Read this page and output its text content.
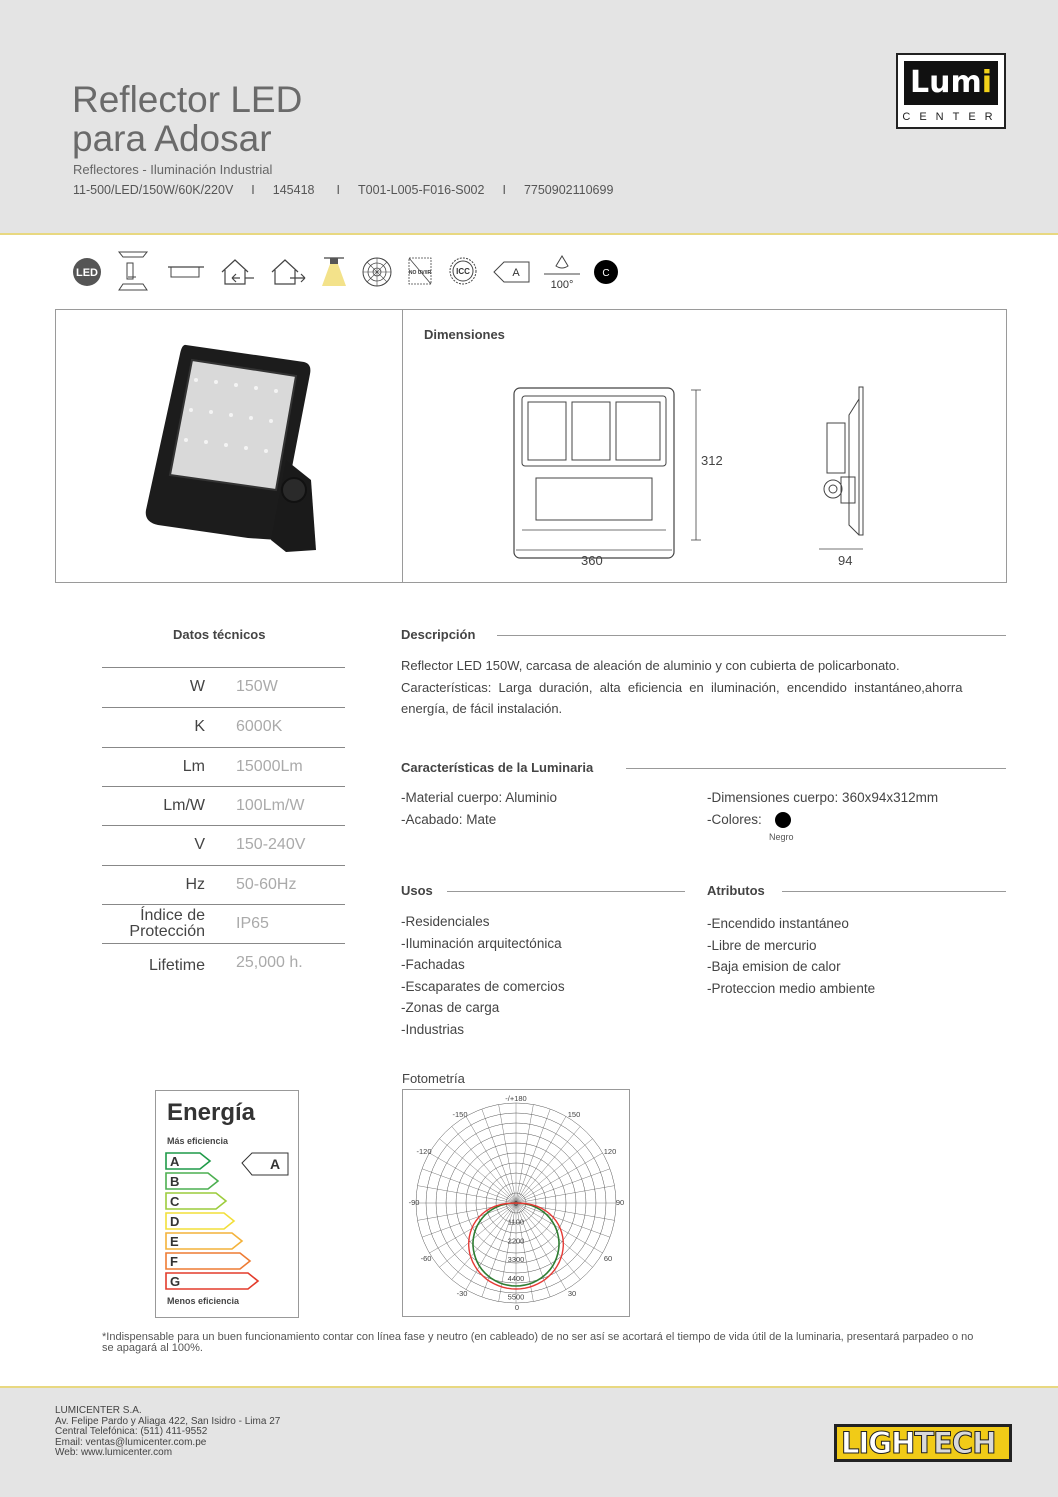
Reflector LED
para Adosar
Reflectores - Iluminación Industrial
11-500/LED/150W/60K/220V I 145418 I T001-L005-F016-S002 I 7750902110699
Lumi
CENTER
LED	NO UV/IR	ICC	A
100°
C
Dimensiones
312
360	94
Datos técnicos
W 150W
K 6000K
Lm 15000Lm
Lm/W 100Lm/W
V 150-240V
Hz 50-60Hz
Índice de
Protección IP65
Lifetime 25,000 h.
Descripción
Reflector LED 150W, carcasa de aleación de aluminio y con cubierta de policarbonato.
Características:  Larga  duración,  alta  eficiencia  en  iluminación,  encendido  instantáneo,ahorra
energía, de fácil instalación.
Características de la Luminaria
-Material cuerpo: Aluminio
-Acabado: Mate
-Dimensiones cuerpo: 360x94x312mm
-Colores:
Negro
Usos
-Residenciales
-Iluminación arquitectónica
-Fachadas
-Escaparates de comercios
-Zonas de carga
-Industrias
Atributos
-Encendido instantáneo
-Libre de mercurio
-Baja emision de calor
-Proteccion medio ambiente
Energía
Más eficiencia
A
B
C
D
E
F
G
A
Menos eficiencia
Fotometría
-/+180
-150	150
-120	120
-90	90
-60	60
-30	30
0
0
1100
2200
3300
4400
5500
*Indispensable para un buen funcionamiento contar con línea fase y neutro (en cableado) de no ser así se acortará el tiempo de vida útil de la luminaria, presentará parpadeo o no se apagará al 100%.
LUMICENTER S.A.
Av. Felipe Pardo y Aliaga 422, San Isidro - Lima 27
Central Telefónica: (511) 411-9552
Email: ventas@lumicenter.com.pe
Web: www.lumicenter.com	LIGHTECH
